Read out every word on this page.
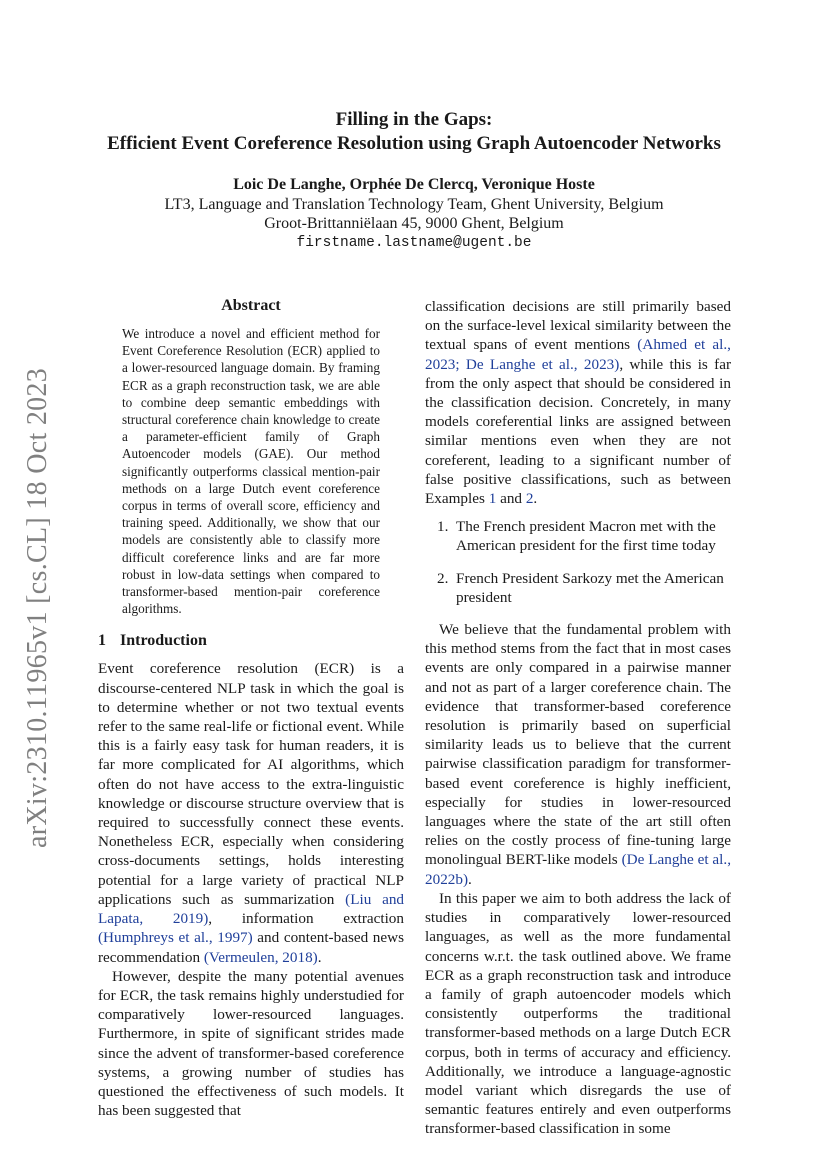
arXiv:2310.11965v1 [cs.CL] 18 Oct 2023
Filling in the Gaps:
Efficient Event Coreference Resolution using Graph Autoencoder Networks
Loic De Langhe, Orphée De Clercq, Veronique Hoste
LT3, Language and Translation Technology Team, Ghent University, Belgium
Groot-Brittanniëlaan 45, 9000 Ghent, Belgium
firstname.lastname@ugent.be
Abstract
We introduce a novel and efficient method for Event Coreference Resolution (ECR) applied to a lower-resourced language domain. By framing ECR as a graph reconstruction task, we are able to combine deep semantic embeddings with structural coreference chain knowledge to create a parameter-efficient family of Graph Autoencoder models (GAE). Our method significantly outperforms classical mention-pair methods on a large Dutch event coreference corpus in terms of overall score, efficiency and training speed. Additionally, we show that our models are consistently able to classify more difficult coreference links and are far more robust in low-data settings when compared to transformer-based mention-pair coreference algorithms.
1 Introduction

Event coreference resolution (ECR) is a discourse-centered NLP task in which the goal is to determine whether or not two textual events refer to the same real-life or fictional event. While this is a fairly easy task for human readers, it is far more complicated for AI algorithms, which often do not have access to the extra-linguistic knowledge or discourse structure overview that is required to successfully connect these events. Nonetheless ECR, especially when considering cross-documents settings, holds interesting potential for a large variety of practical NLP applications such as summarization (Liu and Lapata, 2019), information extraction (Humphreys et al., 1997) and content-based news recommendation (Vermeulen, 2018).

However, despite the many potential avenues for ECR, the task remains highly understudied for comparatively lower-resourced languages. Furthermore, in spite of significant strides made since the advent of transformer-based coreference systems, a growing number of studies has questioned the effectiveness of such models. It has been suggested that

classification decisions are still primarily based on the surface-level lexical similarity between the textual spans of event mentions (Ahmed et al., 2023; De Langhe et al., 2023), while this is far from the only aspect that should be considered in the classification decision. Concretely, in many models coreferential links are assigned between similar mentions even when they are not coreferent, leading to a significant number of false positive classifications, such as between Examples 1 and 2.

1. The French president Macron met with the American president for the first time today
2. French President Sarkozy met the American president

We believe that the fundamental problem with this method stems from the fact that in most cases events are only compared in a pairwise manner and not as part of a larger coreference chain. The evidence that transformer-based coreference resolution is primarily based on superficial similarity leads us to believe that the current pairwise classification paradigm for transformer-based event coreference is highly inefficient, especially for studies in lower-resourced languages where the state of the art still often relies on the costly process of fine-tuning large monolingual BERT-like models (De Langhe et al., 2022b).

In this paper we aim to both address the lack of studies in comparatively lower-resourced languages, as well as the more fundamental concerns w.r.t. the task outlined above. We frame ECR as a graph reconstruction task and introduce a family of graph autoencoder models which consistently outperforms the traditional transformer-based methods on a large Dutch ECR corpus, both in terms of accuracy and efficiency. Additionally, we introduce a language-agnostic model variant which disregards the use of semantic features entirely and even outperforms transformer-based classification in some
